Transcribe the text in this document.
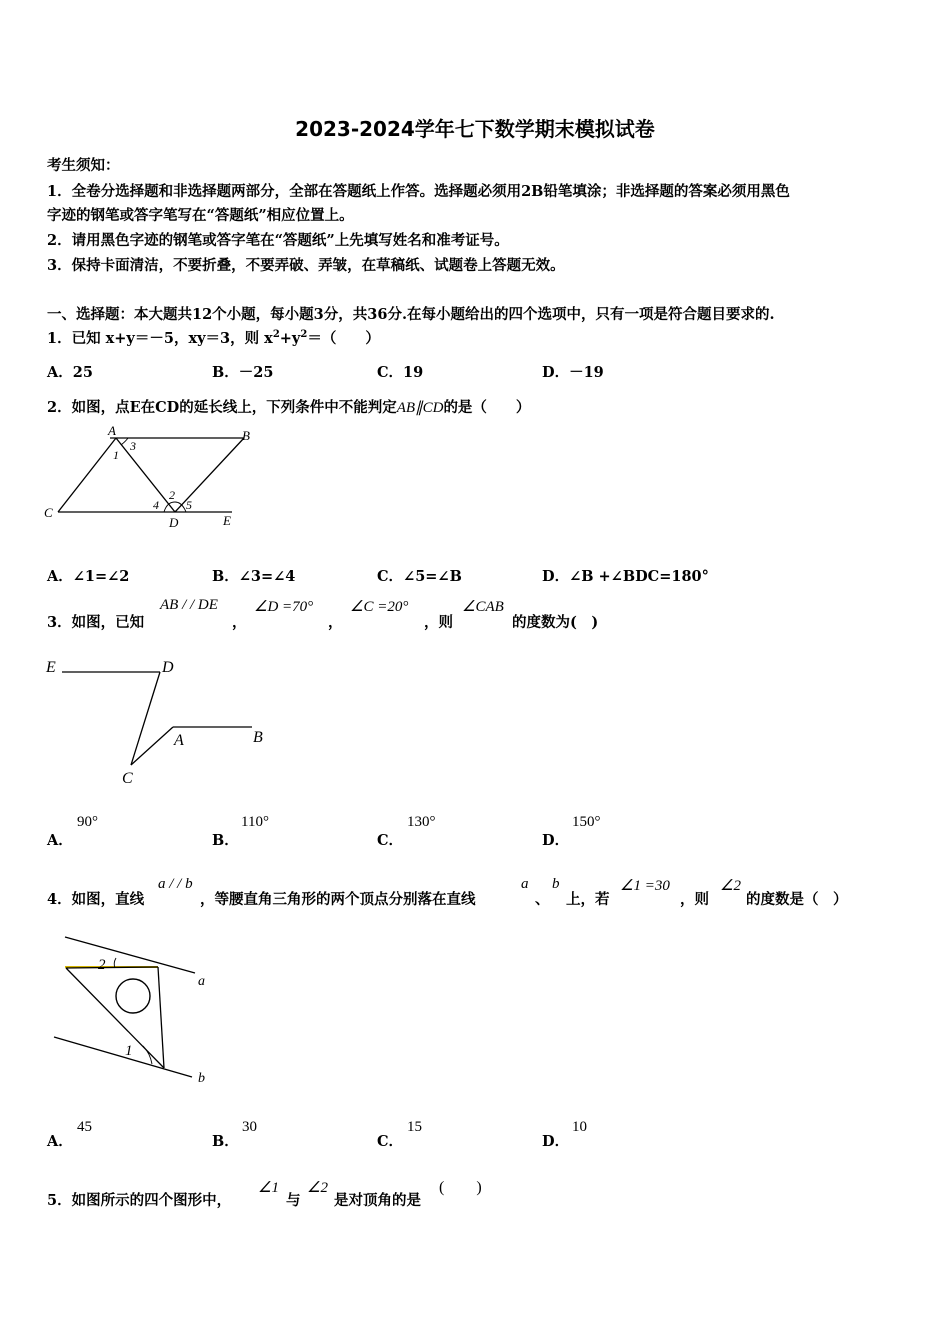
2023-2024学年七下数学期末模拟试卷
考生须知：
1．全卷分选择题和非选择题两部分，全部在答题纸上作答。选择题必须用2B铅笔填涂；非选择题的答案必须用黑色
字迹的钢笔或答字笔写在“答题纸”相应位置上。
2．请用黑色字迹的钢笔或答字笔在“答题纸”上先填写姓名和准考证号。
3．保持卡面清洁，不要折叠，不要弄破、弄皱，在草稿纸、试题卷上答题无效。
一、选择题：本大题共12个小题，每小题3分，共36分.在每小题给出的四个选项中，只有一项是符合题目要求的.
1．已知 x+y＝－5，xy＝3，则 $x^2+y^2=$（　　）
A．25	B．－25	C．19	D．－19
2．如图，点E在CD的延长线上，下列条件中不能判定AB∥CD的是（　　）
A	B
C
D	E
1
3
2
4 5
A．∠1=∠2	B．∠3=∠4	C．∠5=∠B	D．∠B +∠BDC=180°
3．如图，已知
AB / / DE
，
∠D =70°
，
∠C =20°
，则
∠CAB
的度数为(　)
E	D
A	B
C
A．
90°
B．
110°
C．
130°
D．
150°
4．如图，直线
a / / b
，等腰直角三角形的两个顶点分别落在直线
a
、
b
上，若
∠1 =30
，则
∠2
的度数是（　）
2
1
a
b
A．
45
B．
30
C．
15
D．
10
5．如图所示的四个图形中，
∠1
与
∠2
是对顶角的是
(　　)
